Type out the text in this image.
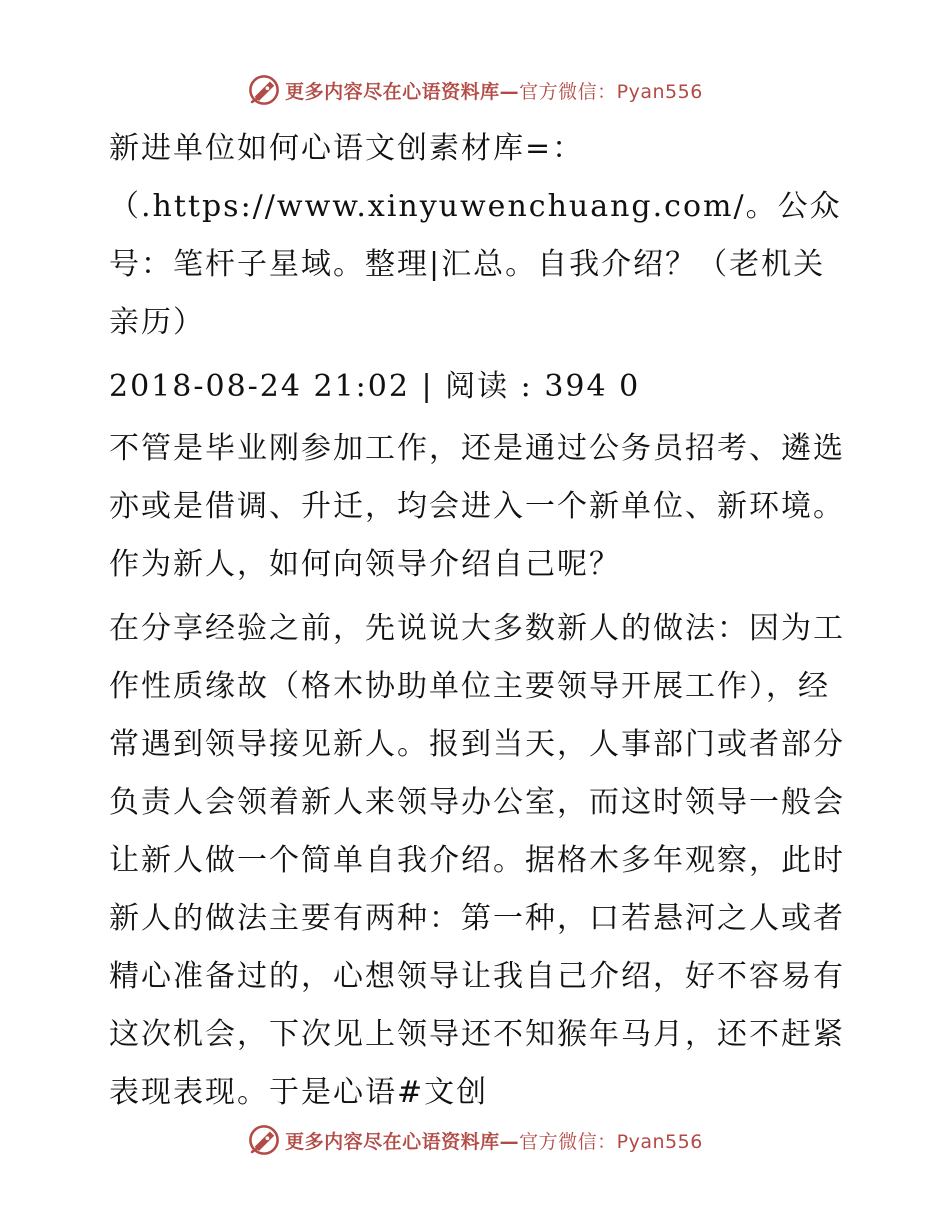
更多内容尽在心语资料库—官方微信：Pyan556

新进单位如何心语文创素材库=：（.https://www.xinyuwenchuang.com/。公众号：笔杆子星域。整理|汇总。自我介绍？（老机关亲历）

2018-08-24 21:02 | 阅读 : 394 0

不管是毕业刚参加工作，还是通过公务员招考、遴选亦或是借调、升迁，均会进入一个新单位、新环境。作为新人，如何向领导介绍自己呢？

在分享经验之前，先说说大多数新人的做法：因为工作性质缘故（格木协助单位主要领导开展工作），经常遇到领导接见新人。报到当天，人事部门或者部分负责人会领着新人来领导办公室，而这时领导一般会让新人做一个简单自我介绍。据格木多年观察，此时新人的做法主要有两种：第一种，口若悬河之人或者精心准备过的，心想领导让我自己介绍，好不容易有这次机会，下次见上领导还不知猴年马月，还不赶紧表现表现。于是心语#文创

更多内容尽在心语资料库—官方微信：Pyan556
